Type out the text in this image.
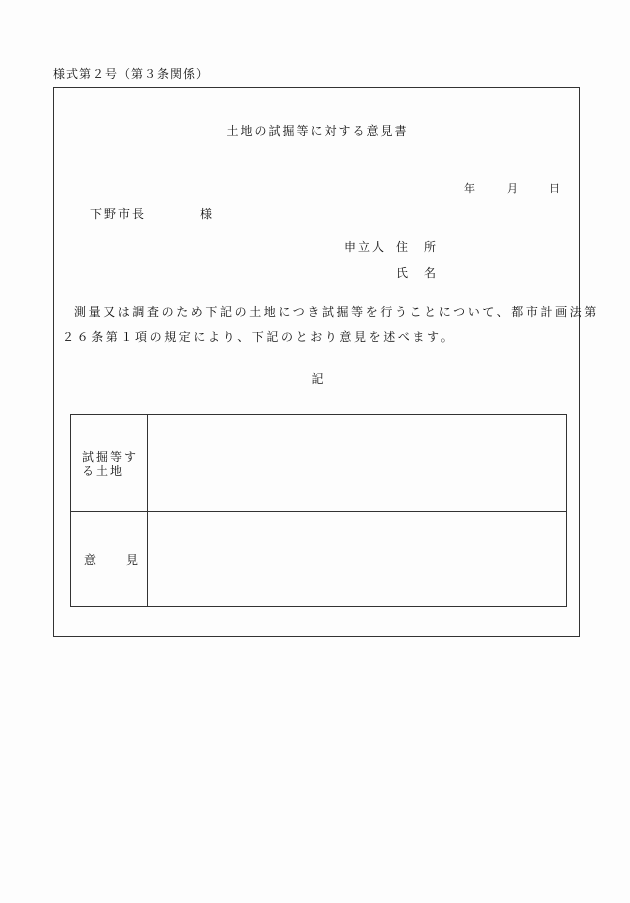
様式第２号（第３条関係）
土地の試掘等に対する意見書
年	月	日
下野市長	様
申立人 住　所
氏　名
測量又は調査のため下記の土地につき試掘等を行うことについて、都市計画法第
２６条第１項の規定により、下記のとおり意見を述べます。
記
試掘等する土地
意　　見
